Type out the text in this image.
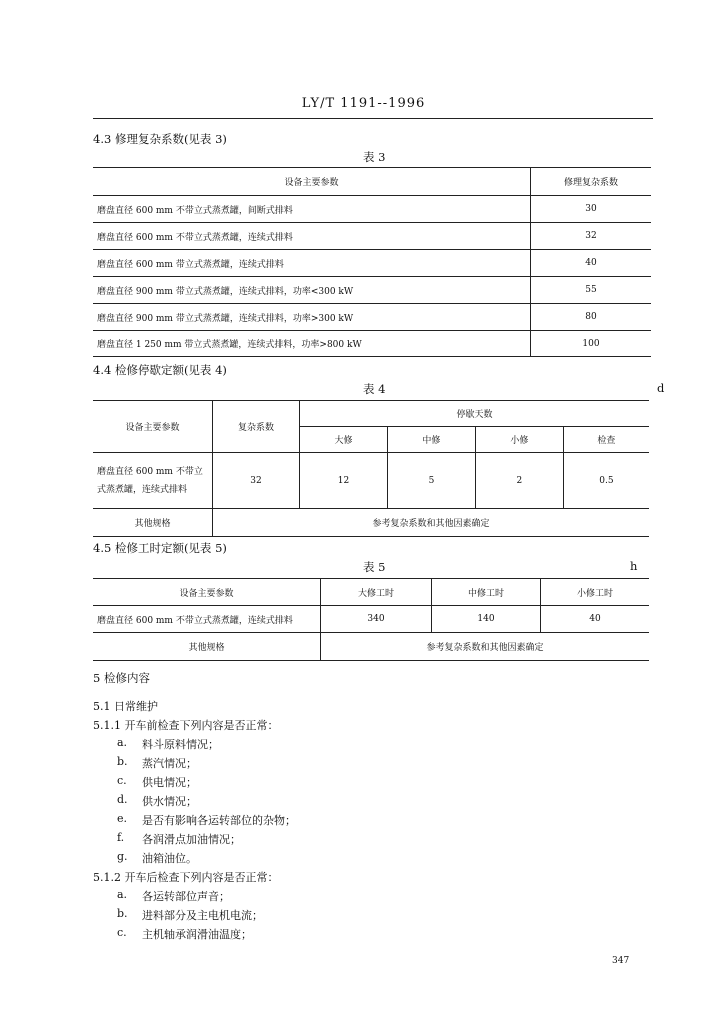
LY/T 1191--1996
4.3 修理复杂系数(见表 3)
表 3
设备主要参数	修理复杂系数
磨盘直径 600 mm 不带立式蒸煮罐，间断式排料	30
磨盘直径 600 mm 不带立式蒸煮罐，连续式排料	32
磨盘直径 600 mm 带立式蒸煮罐，连续式排料	40
磨盘直径 900 mm 带立式蒸煮罐，连续式排料，功率<300 kW	55
磨盘直径 900 mm 带立式蒸煮罐，连续式排料，功率>300 kW	80
磨盘直径 1 250 mm 带立式蒸煮罐，连续式排料，功率>800 kW	100
4.4 检修停歇定额(见表 4)
表 4	d
设备主要参数	复杂系数	停歇天数			
		大修	中修	小修	检查
磨盘直径 600 mm 不带立式蒸煮罐，连续式排料	32	12	5	2	0.5
其他规格	参考复杂系数和其他因素确定				
4.5 检修工时定额(见表 5)
表 5	h
设备主要参数	大修工时	中修工时	小修工时
磨盘直径 600 mm 不带立式蒸煮罐，连续式排料	340	140	40
其他规格	参考复杂系数和其他因素确定		
5 检修内容
5.1 日常维护
5.1.1 开车前检查下列内容是否正常：
a. 料斗原料情况；
b. 蒸汽情况；
c. 供电情况；
d. 供水情况；
e. 是否有影响各运转部位的杂物；
f. 各润滑点加油情况；
g. 油箱油位。
5.1.2 开车后检查下列内容是否正常：
a. 各运转部位声音；
b. 进料部分及主电机电流；
c. 主机轴承润滑油温度；
347
